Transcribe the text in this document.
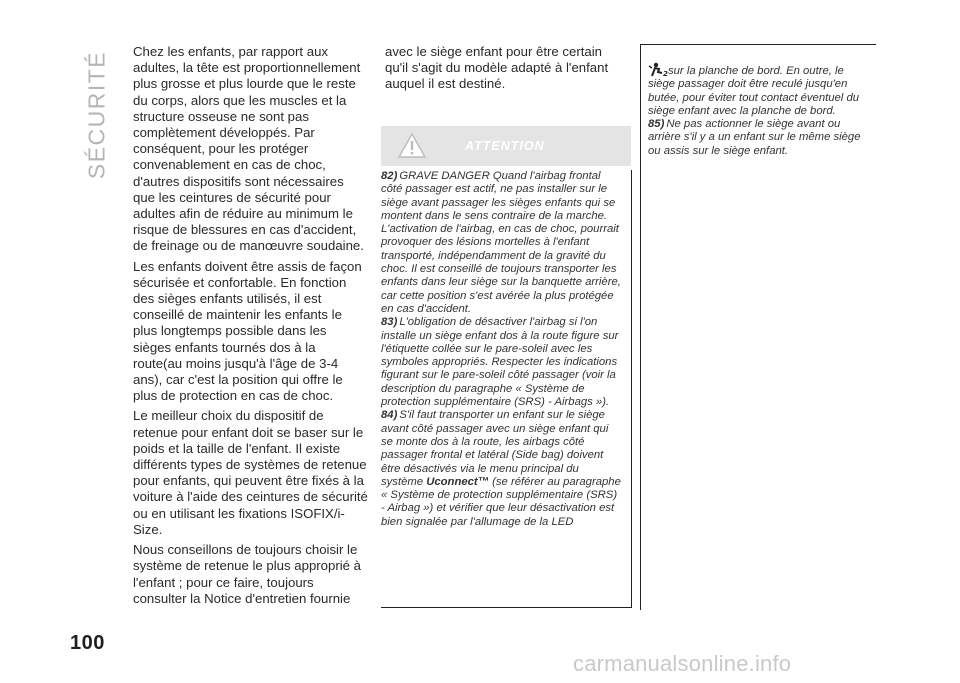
SÉCURITÉ
100

Chez les enfants, par rapport aux adultes, la tête est proportionnellement plus grosse et plus lourde que le reste du corps, alors que les muscles et la structure osseuse ne sont pas complètement développés. Par conséquent, pour les protéger convenablement en cas de choc, d'autres dispositifs sont nécessaires que les ceintures de sécurité pour adultes afin de réduire au minimum le risque de blessures en cas d'accident, de freinage ou de manœuvre soudaine.

Les enfants doivent être assis de façon sécurisée et confortable. En fonction des sièges enfants utilisés, il est conseillé de maintenir les enfants le plus longtemps possible dans les sièges enfants tournés dos à la route(au moins jusqu'à l'âge de 3-4 ans), car c'est la position qui offre le plus de protection en cas de choc.

Le meilleur choix du dispositif de retenue pour enfant doit se baser sur le poids et la taille de l'enfant. Il existe différents types de systèmes de retenue pour enfants, qui peuvent être fixés à la voiture à l'aide des ceintures de sécurité ou en utilisant les fixations ISOFIX/i-Size.

Nous conseillons de toujours choisir le système de retenue le plus approprié à l'enfant ; pour ce faire, toujours consulter la Notice d'entretien fournie

avec le siège enfant pour être certain qu'il s'agit du modèle adapté à l'enfant auquel il est destiné.

ATTENTION

82) GRAVE DANGER Quand l'airbag frontal côté passager est actif, ne pas installer sur le siège avant passager les sièges enfants qui se montent dans le sens contraire de la marche. L'activation de l'airbag, en cas de choc, pourrait provoquer des lésions mortelles à l'enfant transporté, indépendamment de la gravité du choc. Il est conseillé de toujours transporter les enfants dans leur siège sur la banquette arrière, car cette position s'est avérée la plus protégée en cas d'accident.

83) L'obligation de désactiver l'airbag si l'on installe un siège enfant dos à la route figure sur l'étiquette collée sur le pare-soleil avec les symboles appropriés. Respecter les indications figurant sur le pare-soleil côté passager (voir la description du paragraphe « Système de protection supplémentaire (SRS) - Airbags »).

84) S'il faut transporter un enfant sur le siège avant côté passager avec un siège enfant qui se monte dos à la route, les airbags côté passager frontal et latéral (Side bag) doivent être désactivés via le menu principal du système Uconnect™ (se référer au paragraphe « Système de protection supplémentaire (SRS) - Airbag ») et vérifier que leur désactivation est bien signalée par l'allumage de la LED

2 sur la planche de bord. En outre, le siège passager doit être reculé jusqu'en butée, pour éviter tout contact éventuel du siège enfant avec la planche de bord.

85) Ne pas actionner le siège avant ou arrière s'il y a un enfant sur le même siège ou assis sur le siège enfant.

carmanualsonline.info
